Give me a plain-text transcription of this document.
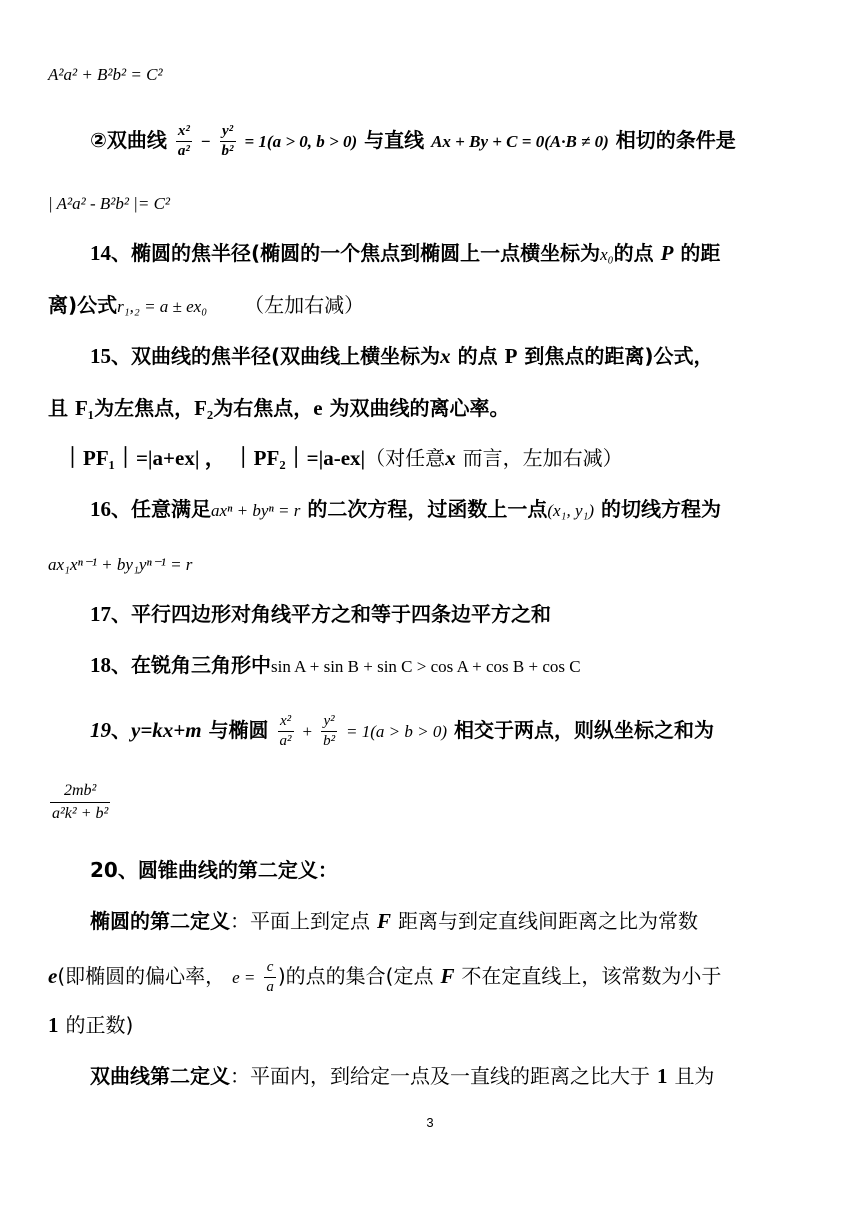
A²a² + B²b² = C²
②双曲线 $\frac{\text{x²}}{\text{a²}} - \frac{\text{y²}}{\text{b²}} = 1(a > 0$, b > 0) 与直线 Ax + By + C = 0(A·B ≠ 0) 相切的条件是
| A²a² - B²b² |= C²
14、椭圆的焦半径(椭圆的一个焦点到椭圆上一点横坐标为x₀的点 P 的距
离)公式r₁,₂ = a ± ex₀ （左加右减）
15、双曲线的焦半径(双曲线上横坐标为x 的点 P 到焦点的距离)公式，
且 F₁为左焦点，F₂为右焦点，e 为双曲线的离心率。
｜PF₁｜=|a+ex| ， ｜PF₂｜=|a-ex|（对任意x 而言，左加右减）
16、任意满足axⁿ + byⁿ = r 的二次方程，过函数上一点(x₁, y₁) 的切线方程为
ax₁xⁿ⁻¹ + by₁yⁿ⁻¹ = r
17、平行四边形对角线平方之和等于四条边平方之和
18、在锐角三角形中sin A + sin B + sin C > cos A + cos B + cos C
19、y=kx+m 与椭圆 $\frac{\text{x²}}{\text{a²}} + \frac{\text{y²}}{\text{b²}} = 1(a > b > 0)$ 相交于两点，则纵坐标之和为
$\frac{\text{2mb²}}{\text{a²k² + b²}}$
20、圆锥曲线的第二定义：
椭圆的第二定义：平面上到定点 F 距离与到定直线间距离之比为常数
e(即椭圆的偏心率， $e = \frac{c}{a}$ )的点的集合(定点 F 不在定直线上，该常数为小于
1 的正数)
双曲线第二定义：平面内，到给定一点及一直线的距离之比大于 1 且为
3
